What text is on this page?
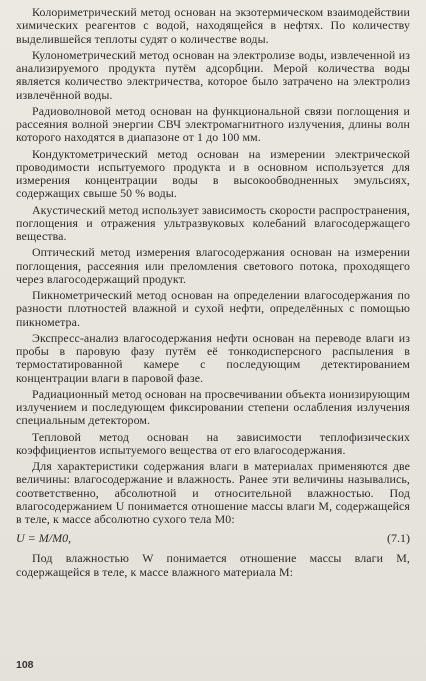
Колориметрический метод основан на экзотермическом взаимодействии химических реагентов с водой, находящейся в нефтях. По количеству выделившейся теплоты судят о количестве воды.

Кулонометрический метод основан на электролизе воды, извлеченной из анализируемого продукта путём адсорбции. Мерой количества воды является количество электричества, которое было затрачено на электролиз извлечённой воды.

Радиоволновой метод основан на функциональной связи поглощения и рассеяния волной энергии СВЧ электромагнитного излучения, длины волн которого находятся в диапазоне от 1 до 100 мм.

Кондуктометрический метод основан на измерении электрической проводимости испытуемого продукта и в основном используется для измерения концентрации воды в высокообводненных эмульсиях, содержащих свыше 50 % воды.

Акустический метод использует зависимость скорости распространения, поглощения и отражения ультразвуковых колебаний влагосодержащего вещества.

Оптический метод измерения влагосодержания основан на измерении поглощения, рассеяния или преломления светового потока, проходящего через влагосодержащий продукт.

Пикнометрический метод основан на определении влагосодержания по разности плотностей влажной и сухой нефти, определённых с помощью пикнометра.

Экспресс-анализ влагосодержания нефти основан на переводе влаги из пробы в паровую фазу путём её тонкодисперсного распыления в термостатированной камере с последующим детектированием концентрации влаги в паровой фазе.

Радиационный метод основан на просвечивании объекта ионизирующим излучением и последующем фиксировании степени ослабления излучения специальным детектором.

Тепловой метод основан на зависимости теплофизических коэффициентов испытуемого вещества от его влагосодержания.

Для характеристики содержания влаги в материалах применяются две величины: влагосодержание и влажность. Ранее эти величины назывались, соответственно, абсолютной и относительной влажностью. Под влагосодержанием U понимается отношение массы влаги M, содержащейся в теле, к массе абсолютно сухого тела M0:

U = M/M0,	(7.1)

Под влажностью W понимается отношение массы влаги M, содержащейся в теле, к массе влажного материала M:

108
